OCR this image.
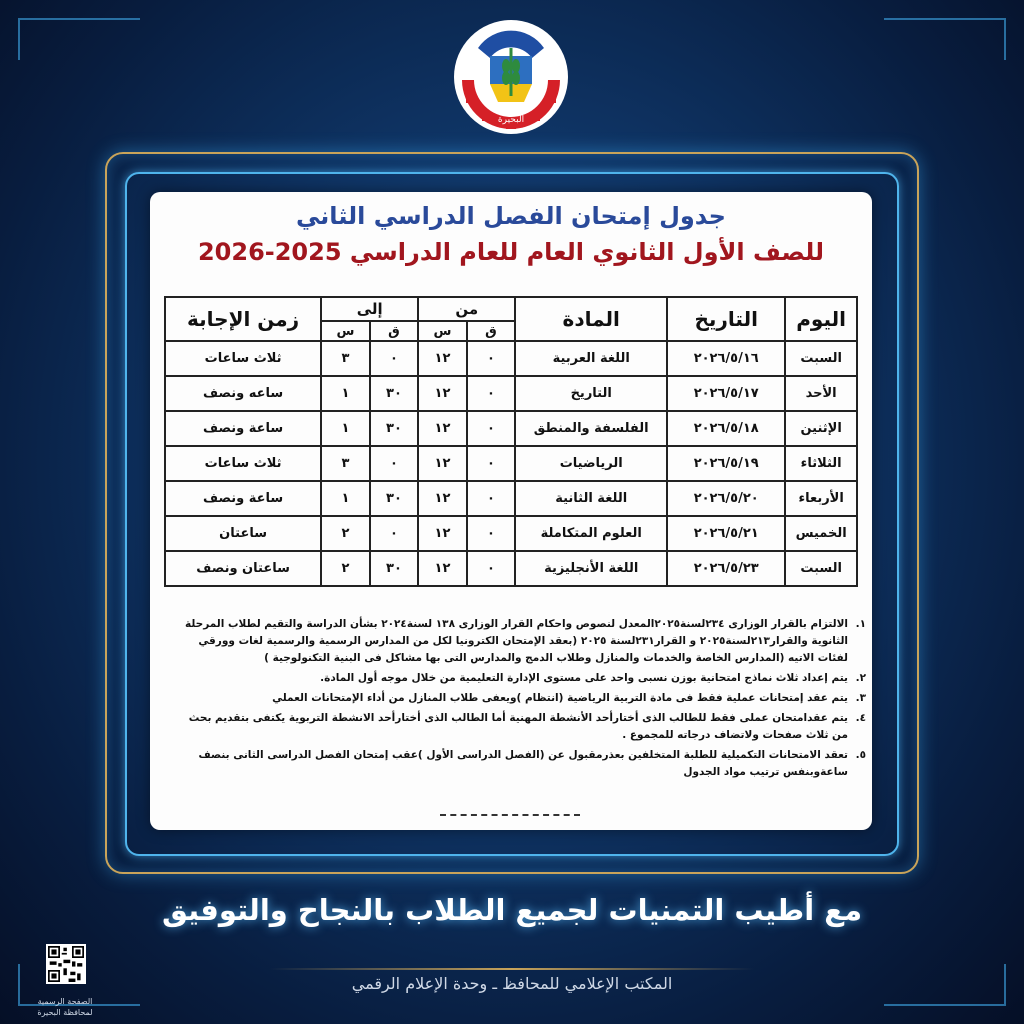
البحيرة
جدول إمتحان الفصل الدراسي الثاني
للصف الأول الثانوي العام للعام الدراسي 2025-2026
اليوم	التاريخ	المادة	من		إلى		زمن الإجابة
			ق	س	ق	س	
السبت	٢٠٢٦/٥/١٦	اللغة العربية	٠	١٢	٠	٣	ثلاث ساعات
الأحد	٢٠٢٦/٥/١٧	التاريخ	٠	١٢	٣٠	١	ساعه ونصف
الإثنين	٢٠٢٦/٥/١٨	الفلسفة والمنطق	٠	١٢	٣٠	١	ساعة ونصف
الثلاثاء	٢٠٢٦/٥/١٩	الرياضيات	٠	١٢	٠	٣	ثلاث ساعات
الأربعاء	٢٠٢٦/٥/٢٠	اللغة الثانية	٠	١٢	٣٠	١	ساعة ونصف
الخميس	٢٠٢٦/٥/٢١	العلوم المتكاملة	٠	١٢	٠	٢	ساعتان
السبت	٢٠٢٦/٥/٢٣	اللغة الأنجليزية	٠	١٢	٣٠	٢	ساعتان ونصف
١.
الالتزام بالقرار الوزارى ٢٣٤لسنة٢٠٢٥المعدل لنصوص واحكام القرار الوزارى ١٣٨ لسنة٢٠٢٤ بشأن الدراسة والتقيم لطلاب المرحلة الثانوية والقرار٢١٣لسنة٢٠٢٥ و القرار٢٣١لسنة ٢٠٢٥ (بعقد الإمتحان الكترونيا لكل من المدارس الرسمية والرسمية لغات وورقي لفئات الاتيه (المدارس الخاصة والخدمات والمنازل وطلاب الدمج والمدارس التى بها مشاكل فى البنية التكنولوجية )
٢.
يتم إعداد ثلاث نماذج امتحانية بوزن نسبى واحد على مستوى الإدارة التعليمية من خلال موجه أول المادة.
٣.
يتم عقد إمتحانات عملية فقط فى مادة التربية الرياضية (انتظام )ويعفى طلاب المنازل من أداء الإمتحانات العملي
٤.
يتم عقدامتحان عملى فقط للطالب الذى أختارأحد الأنشطة المهنية أما الطالب الذى أختارأحد الانشطة التربوية يكتفى بتقديم بحث من ثلاث صفحات ولاتضاف درجاته للمجموع .
٥.
تعقد الامتحانات التكميلية للطلبة المتخلفين بعذرمقبول عن (الفصل الدراسى الأول )عقب إمتحان الفصل الدراسى الثانى بنصف ساعةوبنفس ترتيب مواد الجدول
مع أطيب التمنيات لجميع الطلاب بالنجاح والتوفيق
المكتب الإعلامي للمحافظ ـ وحدة الإعلام الرقمي
الصفحة الرسمية
لمحافظة البحيرة
